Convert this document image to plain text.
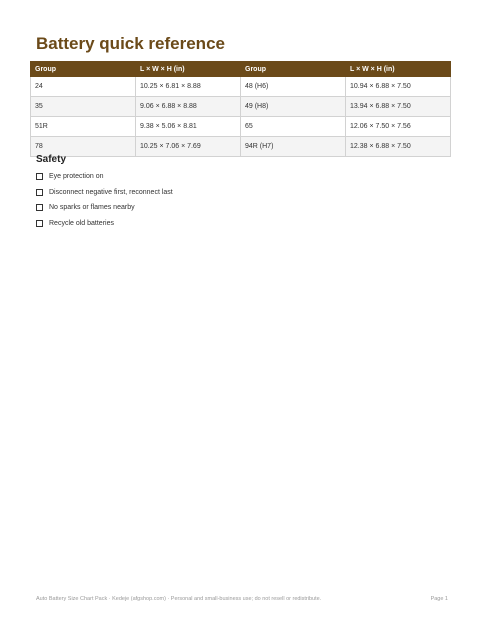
Battery quick reference
Group	L × W × H (in)	Group	L × W × H (in)
24	10.25 × 6.81 × 8.88	48 (H6)	10.94 × 6.88 × 7.50
35	9.06 × 6.88 × 8.88	49 (H8)	13.94 × 6.88 × 7.50
51R	9.38 × 5.06 × 8.81	65	12.06 × 7.50 × 7.56
78	10.25 × 7.06 × 7.69	94R (H7)	12.38 × 6.88 × 7.50
Safety
Eye protection on
Disconnect negative first, reconnect last
No sparks or flames nearby
Recycle old batteries
Auto Battery Size Chart Pack · Kedeje (afgshop.com) · Personal and small-business use; do not resell or redistribute.	Page 1
